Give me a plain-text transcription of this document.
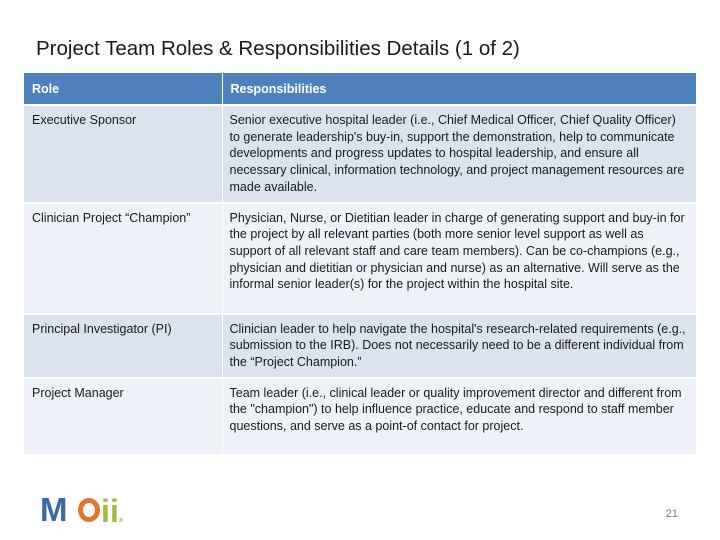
Project Team Roles & Responsibilities Details (1 of 2)
Role	Responsibilities
Executive Sponsor	Senior executive hospital leader (i.e., Chief Medical Officer, Chief Quality Officer) to generate leadership's buy-in, support the demonstration, help to communicate developments and progress updates to hospital leadership, and ensure all necessary clinical, information technology, and project management resources are made available.
Clinician Project “Champion”	Physician, Nurse, or Dietitian leader in charge of generating support and buy-in for the project by all relevant parties (both more senior level support as well as support of all relevant staff and care team members). Can be co-champions (e.g., physician and dietitian or physician and nurse) as an alternative. Will serve as the informal senior leader(s) for the project within the hospital site.
Principal Investigator (PI)	Clinician leader to help navigate the hospital's research-related requirements (e.g., submission to the IRB). Does not necessarily need to be a different individual from the “Project Champion.”
Project Manager	Team leader (i.e., clinical leader or quality improvement director and different from the "champion") to help influence practice, educate and respond to staff member questions, and serve as a point-of contact for project.
M i i ®
21
